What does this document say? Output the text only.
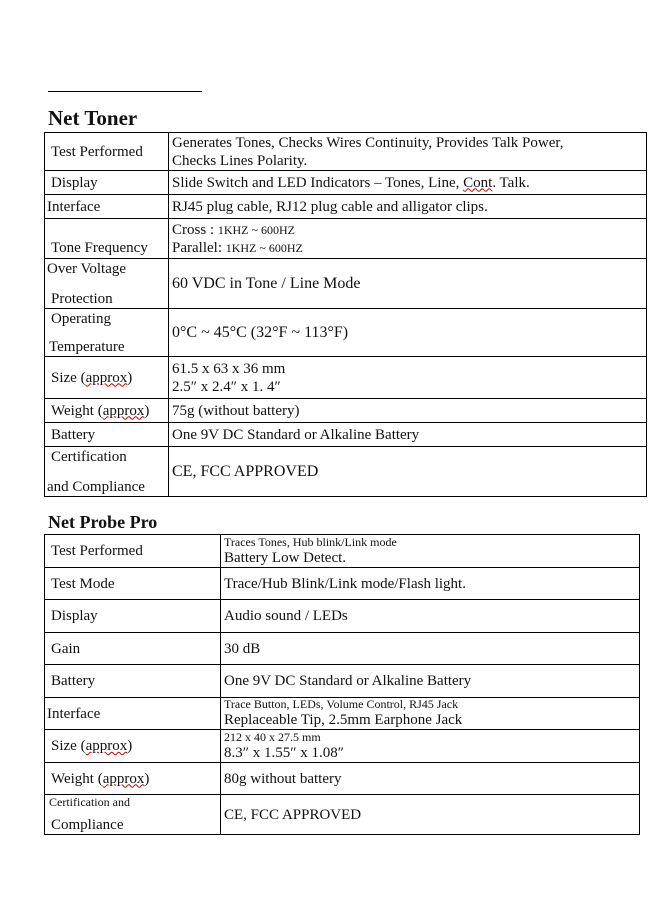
Net Toner
Test Performed	Generates Tones, Checks Wires Continuity, Provides Talk Power,
Checks Lines Polarity.

Display	Slide Switch and LED Indicators – Tones, Line, Cont. Talk.
Interface	RJ45 plug cable, RJ12 plug cable and alligator clips.
Tone Frequency	Cross : 1KHZ ~ 600HZ
Parallel: 1KHZ ~ 600HZ

Over Voltage
Protection	60 VDC in Tone / Line Mode

Operating
Temperature	0°C ~ 45°C (32°F ~ 113°F)

Size (approx)	61.5 x 63 x 36 mm
2.5″ x 2.4″ x 1. 4″

Weight (approx)	75g (without battery)
Battery	One 9V DC Standard or Alkaline Battery

Certification
and Compliance	CE, FCC APPROVED
Net Probe Pro
Test Performed	Traces Tones, Hub blink/Link mode
Battery Low Detect.

Test Mode	Trace/Hub Blink/Link mode/Flash light.
Display	Audio sound / LEDs
Gain	30 dB
Battery	One 9V DC Standard or Alkaline Battery
Interface	Trace Button, LEDs, Volume Control, RJ45 Jack
Replaceable Tip, 2.5mm Earphone Jack

Size (approx)	212 x 40 x 27.5 mm
8.3″ x 1.55″ x 1.08″

Weight (approx)	80g without battery

Certification and
Compliance	CE, FCC APPROVED
